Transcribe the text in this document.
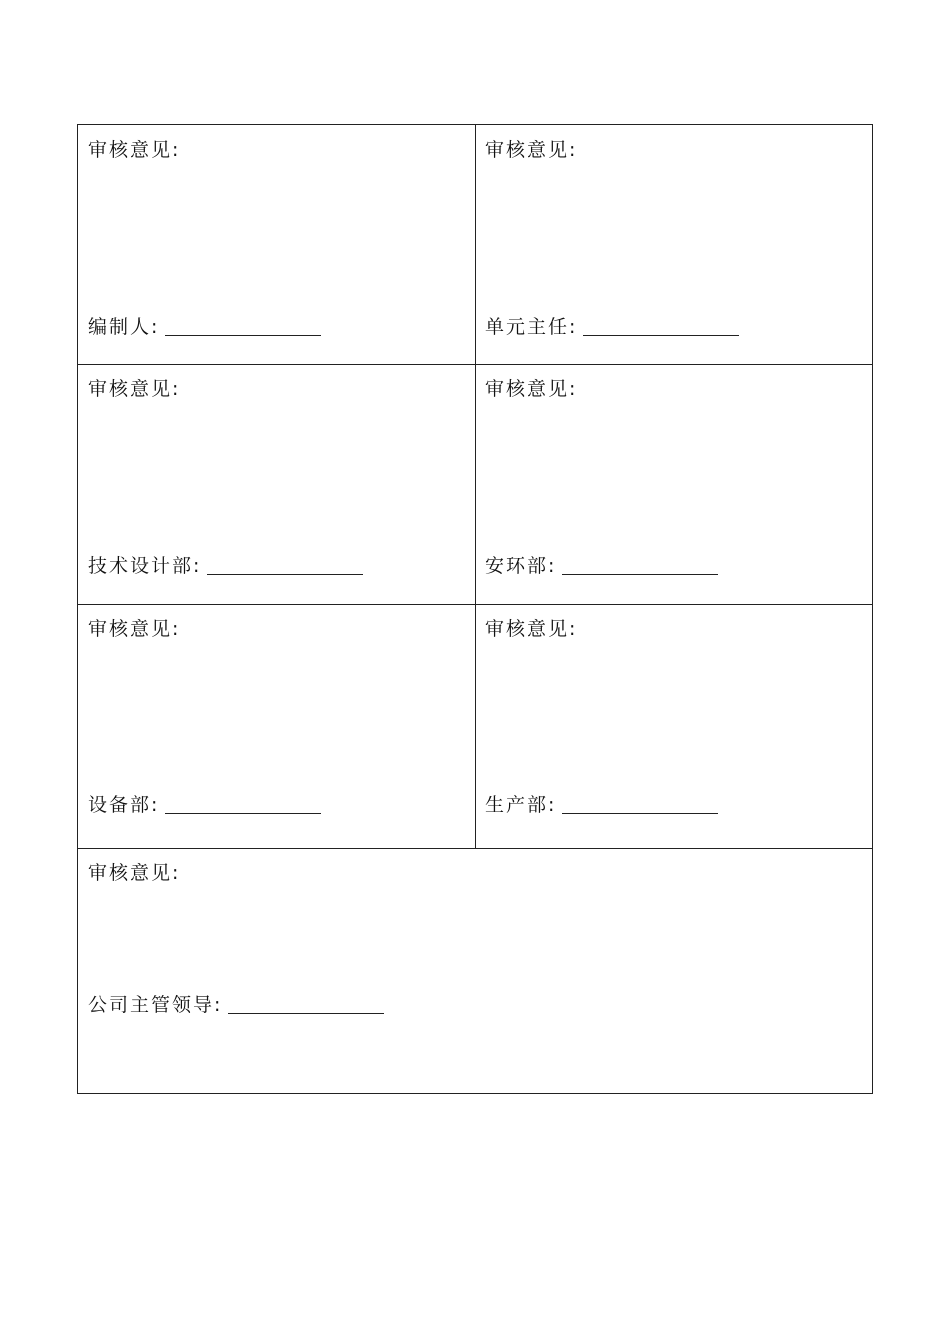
审核意见:
编制人:
审核意见:
单元主任:
审核意见:
技术设计部:
审核意见:
安环部:
审核意见:
设备部:
审核意见:
生产部:
审核意见:
公司主管领导:
